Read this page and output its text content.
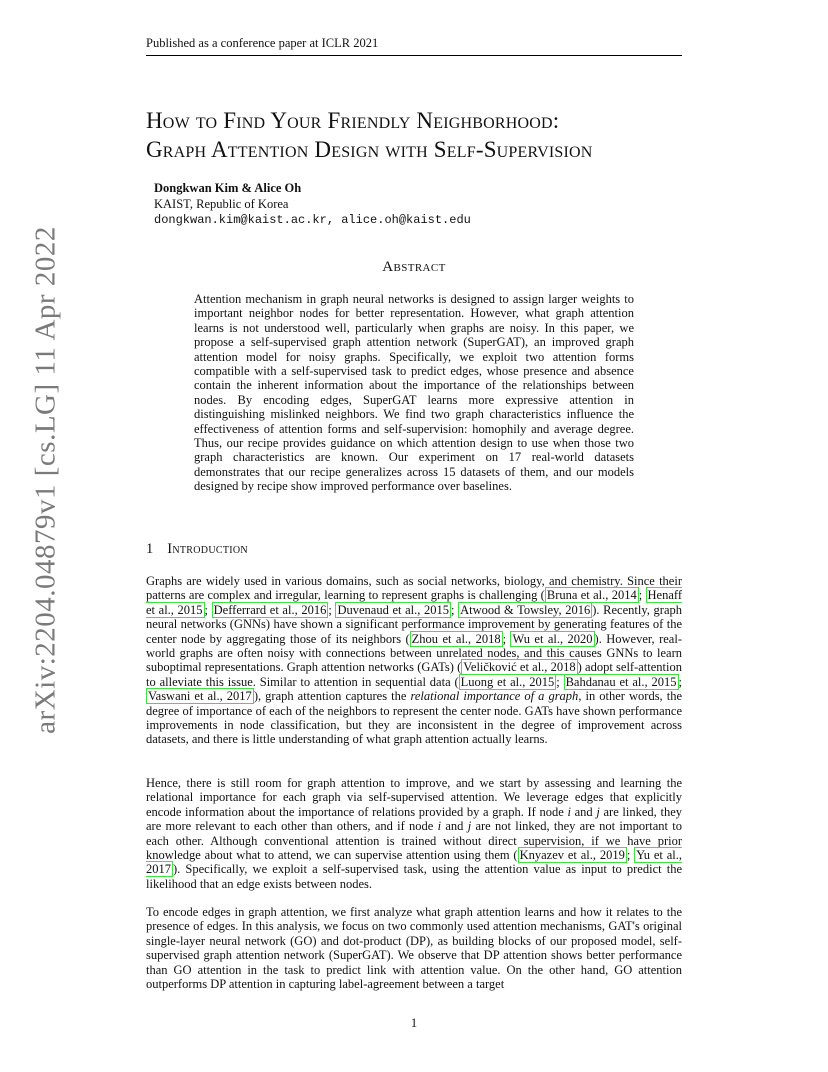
Published as a conference paper at ICLR 2021
How to Find Your Friendly Neighborhood:
Graph Attention Design with Self-Supervision
Dongkwan Kim & Alice Oh
KAIST, Republic of Korea
dongkwan.kim@kaist.ac.kr, alice.oh@kaist.edu
Abstract
Attention mechanism in graph neural networks is designed to assign larger weights to important neighbor nodes for better representation. However, what graph attention learns is not understood well, particularly when graphs are noisy. In this paper, we propose a self-supervised graph attention network (SuperGAT), an improved graph attention model for noisy graphs. Specifically, we exploit two attention forms compatible with a self-supervised task to predict edges, whose presence and absence contain the inherent information about the importance of the relationships between nodes. By encoding edges, SuperGAT learns more expressive attention in distinguishing mislinked neighbors. We find two graph characteristics influence the effectiveness of attention forms and self-supervision: homophily and average degree. Thus, our recipe provides guidance on which attention design to use when those two graph characteristics are known. Our experiment on 17 real-world datasets demonstrates that our recipe generalizes across 15 datasets of them, and our models designed by recipe show improved performance over baselines.
1 Introduction
Graphs are widely used in various domains, such as social networks, biology, and chemistry. Since their patterns are complex and irregular, learning to represent graphs is challenging ( Bruna et al., 2014 ; Henaff et al., 2015 ; Defferrard et al., 2016 ; Duvenaud et al., 2015 ; Atwood & Towsley, 2016 ). Recently, graph neural networks (GNNs) have shown a significant performance improvement by generating features of the center node by aggregating those of its neighbors ( Zhou et al., 2018 ; Wu et al., 2020 ). However, real-world graphs are often noisy with connections between unrelated nodes, and this causes GNNs to learn suboptimal representations. Graph attention networks (GATs) ( Veličković et al., 2018 ) adopt self-attention to alleviate this issue. Similar to attention in sequential data ( Luong et al., 2015 ; Bahdanau et al., 2015 ; Vaswani et al., 2017 ), graph attention captures the relational importance of a graph, in other words, the degree of importance of each of the neighbors to represent the center node. GATs have shown performance improvements in node classification, but they are inconsistent in the degree of improvement across datasets, and there is little understanding of what graph attention actually learns.
Hence, there is still room for graph attention to improve, and we start by assessing and learning the relational importance for each graph via self-supervised attention. We leverage edges that explicitly encode information about the importance of relations provided by a graph. If node i and j are linked, they are more relevant to each other than others, and if node i and j are not linked, they are not important to each other. Although conventional attention is trained without direct supervision, if we have prior knowledge about what to attend, we can supervise attention using them ( Knyazev et al., 2019 ; Yu et al., 2017 ). Specifically, we exploit a self-supervised task, using the attention value as input to predict the likelihood that an edge exists between nodes.
To encode edges in graph attention, we first analyze what graph attention learns and how it relates to the presence of edges. In this analysis, we focus on two commonly used attention mechanisms, GAT's original single-layer neural network (GO) and dot-product (DP), as building blocks of our proposed model, self-supervised graph attention network (SuperGAT). We observe that DP attention shows better performance than GO attention in the task to predict link with attention value. On the other hand, GO attention outperforms DP attention in capturing label-agreement between a target
1
arXiv:2204.04879v1 [cs.LG] 11 Apr 2022
